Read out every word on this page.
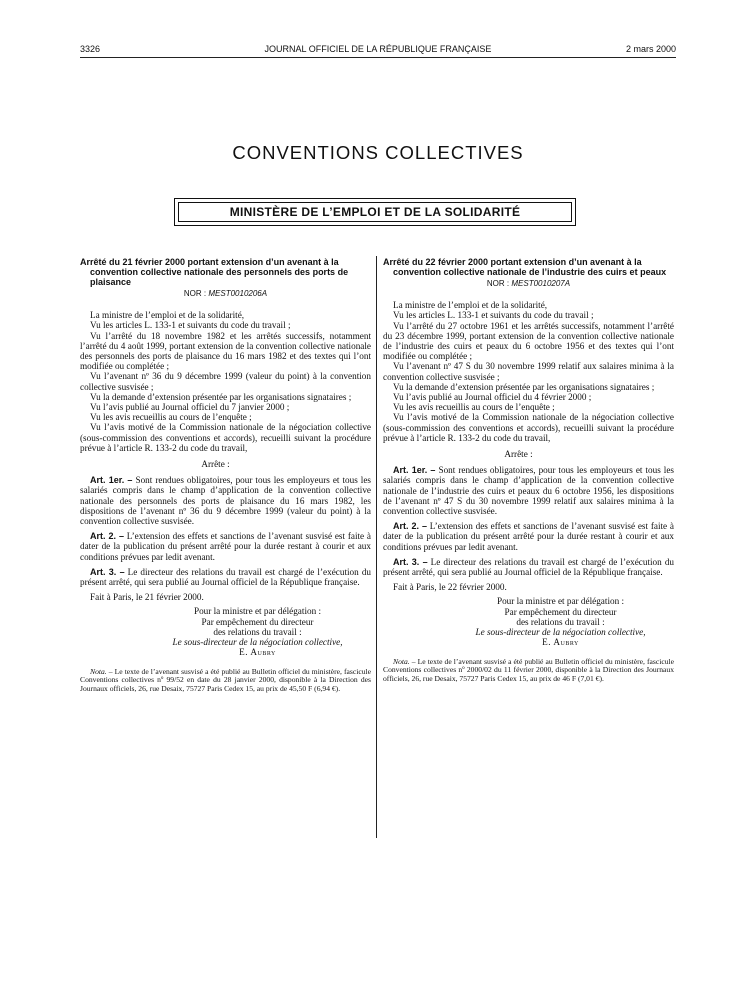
3326	JOURNAL OFFICIEL DE LA RÉPUBLIQUE FRANÇAISE	2 mars 2000
CONVENTIONS COLLECTIVES
MINISTÈRE DE L’EMPLOI ET DE LA SOLIDARITÉ

Arrêté du 21 février 2000 portant extension d’un avenant à la convention collective nationale des personnels des ports de plaisance

NOR : MEST0010206A

La ministre de l’emploi et de la solidarité,

Vu les articles L. 133-1 et suivants du code du travail ;

Vu l’arrêté du 18 novembre 1982 et les arrêtés successifs, notamment l’arrêté du 4 août 1999, portant extension de la convention collective nationale des personnels des ports de plaisance du 16 mars 1982 et des textes qui l’ont modifiée ou complétée ;

Vu l’avenant nº 36 du 9 décembre 1999 (valeur du point) à la convention collective susvisée ;

Vu la demande d’extension présentée par les organisations signataires ;

Vu l’avis publié au Journal officiel du 7 janvier 2000 ;

Vu les avis recueillis au cours de l’enquête ;

Vu l’avis motivé de la Commission nationale de la négociation collective (sous-commission des conventions et accords), recueilli suivant la procédure prévue à l’article R. 133-2 du code du travail,

Arrête :

Art. 1er. – Sont rendues obligatoires, pour tous les employeurs et tous les salariés compris dans le champ d’application de la convention collective nationale des personnels des ports de plaisance du 16 mars 1982, les dispositions de l’avenant nº 36 du 9 décembre 1999 (valeur du point) à la convention collective susvisée.

Art. 2. – L’extension des effets et sanctions de l’avenant susvisé est faite à dater de la publication du présent arrêté pour la durée restant à courir et aux conditions prévues par ledit avenant.

Art. 3. – Le directeur des relations du travail est chargé de l’exécution du présent arrêté, qui sera publié au Journal officiel de la République française.

Fait à Paris, le 21 février 2000.

Pour la ministre et par délégation :

Par empêchement du directeur

des relations du travail :

Le sous-directeur de la négociation collective,

E. Aubry

Nota. – Le texte de l’avenant susvisé a été publié au Bulletin officiel du ministère, fascicule Conventions collectives nº 99/52 en date du 28 janvier 2000, disponible à la Direction des Journaux officiels, 26, rue Desaix, 75727 Paris Cedex 15, au prix de 45,50 F (6,94 €).

Arrêté du 22 février 2000 portant extension d’un avenant à la convention collective nationale de l’industrie des cuirs et peaux

NOR : MEST0010207A

La ministre de l’emploi et de la solidarité,

Vu les articles L. 133-1 et suivants du code du travail ;

Vu l’arrêté du 27 octobre 1961 et les arrêtés successifs, notamment l’arrêté du 23 décembre 1999, portant extension de la convention collective nationale de l’industrie des cuirs et peaux du 6 octobre 1956 et des textes qui l’ont modifiée ou complétée ;

Vu l’avenant nº 47 S du 30 novembre 1999 relatif aux salaires minima à la convention collective susvisée ;

Vu la demande d’extension présentée par les organisations signataires ;

Vu l’avis publié au Journal officiel du 4 février 2000 ;

Vu les avis recueillis au cours de l’enquête ;

Vu l’avis motivé de la Commission nationale de la négociation collective (sous-commission des conventions et accords), recueilli suivant la procédure prévue à l’article R. 133-2 du code du travail,

Arrête :

Art. 1er. – Sont rendues obligatoires, pour tous les employeurs et tous les salariés compris dans le champ d’application de la convention collective nationale de l’industrie des cuirs et peaux du 6 octobre 1956, les dispositions de l’avenant nº 47 S du 30 novembre 1999 relatif aux salaires minima à la convention collective susvisée.

Art. 2. – L’extension des effets et sanctions de l’avenant susvisé est faite à dater de la publication du présent arrêté pour la durée restant à courir et aux conditions prévues par ledit avenant.

Art. 3. – Le directeur des relations du travail est chargé de l’exécution du présent arrêté, qui sera publié au Journal officiel de la République française.

Fait à Paris, le 22 février 2000.

Pour la ministre et par délégation :

Par empêchement du directeur

des relations du travail :

Le sous-directeur de la négociation collective,

E. Aubry

Nota. – Le texte de l’avenant susvisé a été publié au Bulletin officiel du ministère, fascicule Conventions collectives nº 2000/02 du 11 février 2000, disponible à la Direction des Journaux officiels, 26, rue Desaix, 75727 Paris Cedex 15, au prix de 46 F (7,01 €).
